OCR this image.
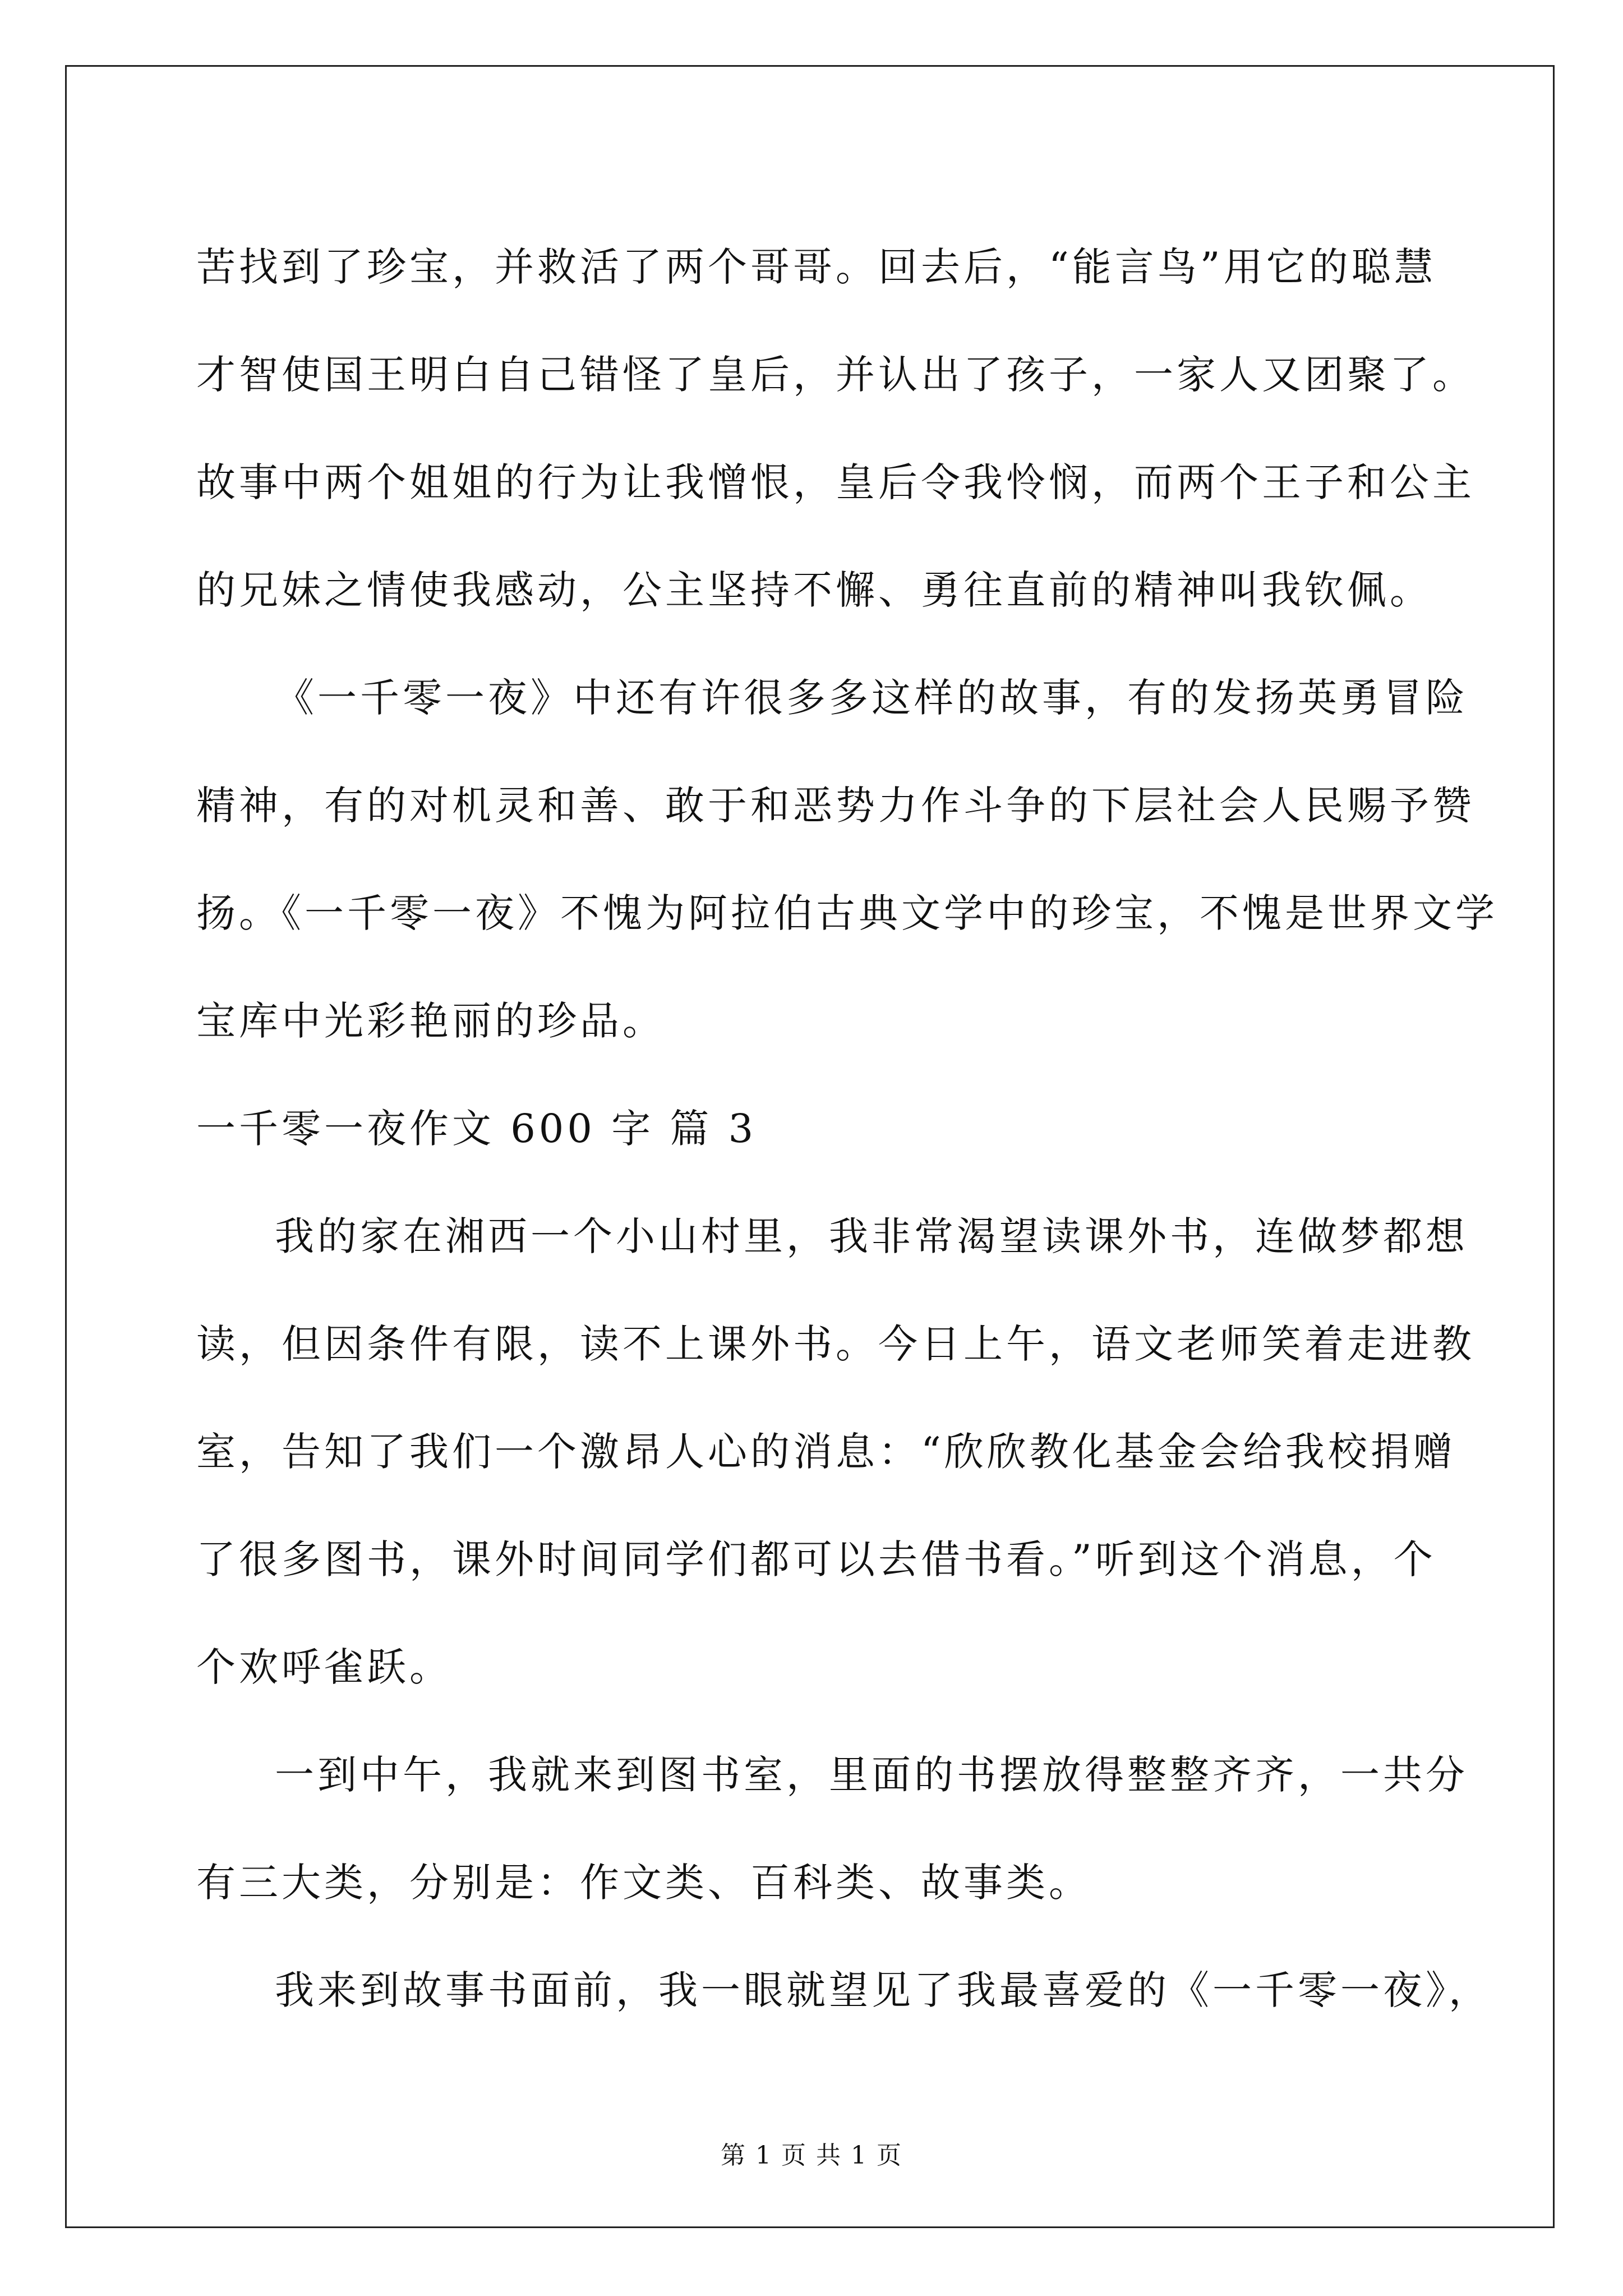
苦找到了珍宝，并救活了两个哥哥。回去后，“能言鸟”用它的聪慧
才智使国王明白自己错怪了皇后，并认出了孩子，一家人又团聚了。
故事中两个姐姐的行为让我憎恨，皇后令我怜悯，而两个王子和公主
的兄妹之情使我感动，公主坚持不懈、勇往直前的精神叫我钦佩。
《一千零一夜》中还有许很多多这样的故事，有的发扬英勇冒险
精神，有的对机灵和善、敢于和恶势力作斗争的下层社会人民赐予赞
扬。《一千零一夜》不愧为阿拉伯古典文学中的珍宝，不愧是世界文学
宝库中光彩艳丽的珍品。
一千零一夜作文 600 字 篇 3
我的家在湘西一个小山村里，我非常渴望读课外书，连做梦都想
读，但因条件有限，读不上课外书。今日上午，语文老师笑着走进教
室，告知了我们一个激昂人心的消息：“欣欣教化基金会给我校捐赠
了很多图书，课外时间同学们都可以去借书看。”听到这个消息，个
个欢呼雀跃。
一到中午，我就来到图书室，里面的书摆放得整整齐齐，一共分
有三大类，分别是：作文类、百科类、故事类。
我来到故事书面前，我一眼就望见了我最喜爱的《一千零一夜》，
第 1 页 共 1 页
